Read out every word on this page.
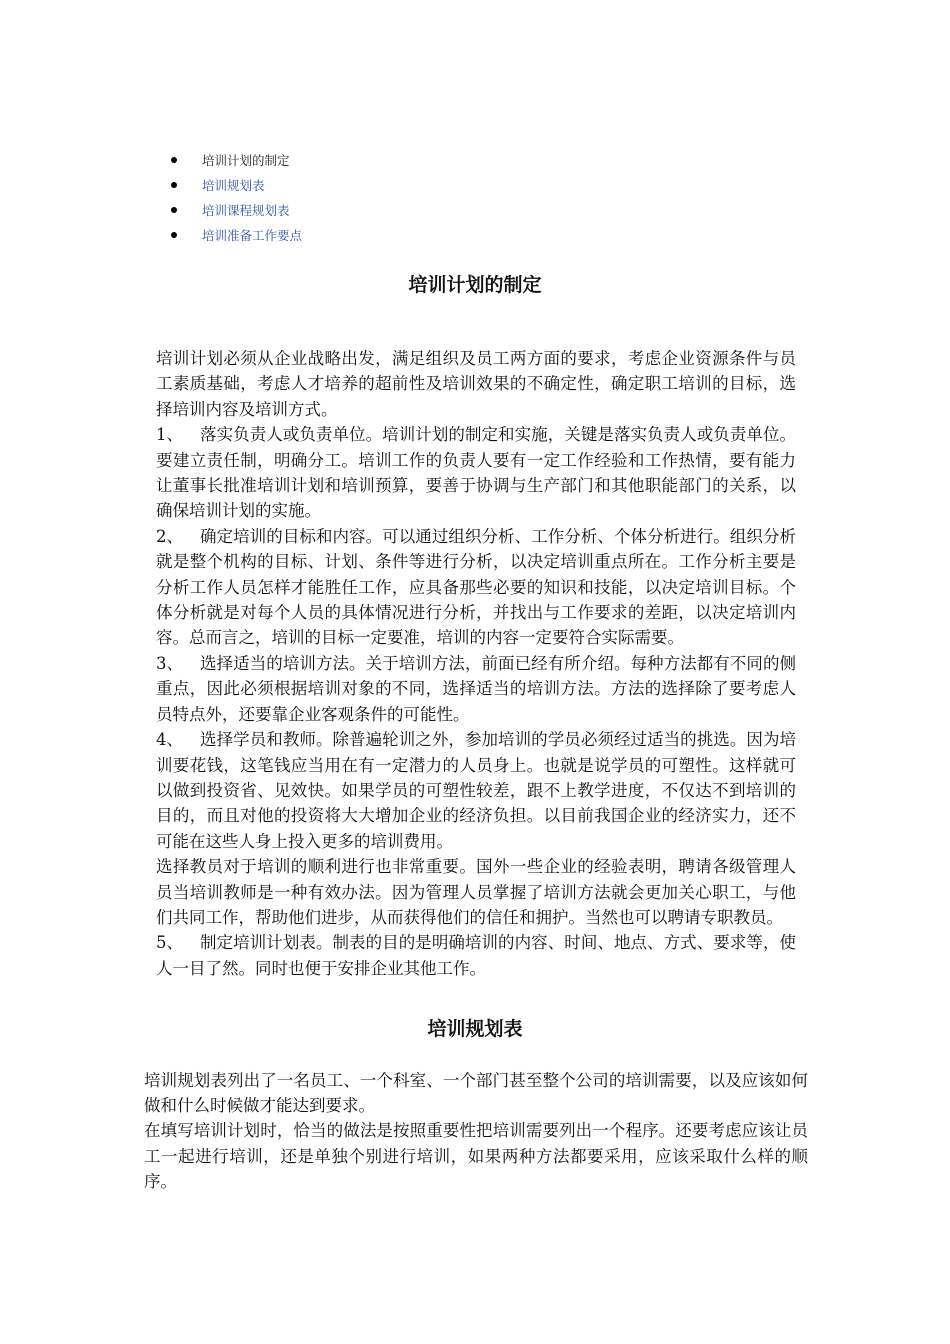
培训计划的制定
培训规划表
培训课程规划表
培训准备工作要点
培训计划的制定

培训计划必须从企业战略出发，满足组织及员工两方面的要求，考虑企业资源条件与员工素质基础，考虑人才培养的超前性及培训效果的不确定性，确定职工培训的目标，选择培训内容及培训方式。

1、 落实负责人或负责单位。培训计划的制定和实施，关键是落实负责人或负责单位。要建立责任制，明确分工。培训工作的负责人要有一定工作经验和工作热情，要有能力让董事长批准培训计划和培训预算，要善于协调与生产部门和其他职能部门的关系，以确保培训计划的实施。

2、 确定培训的目标和内容。可以通过组织分析、工作分析、个体分析进行。组织分析就是整个机构的目标、计划、条件等进行分析，以决定培训重点所在。工作分析主要是分析工作人员怎样才能胜任工作，应具备那些必要的知识和技能，以决定培训目标。个体分析就是对每个人员的具体情况进行分析，并找出与工作要求的差距，以决定培训内容。总而言之，培训的目标一定要准，培训的内容一定要符合实际需要。

3、 选择适当的培训方法。关于培训方法，前面已经有所介绍。每种方法都有不同的侧重点，因此必须根据培训对象的不同，选择适当的培训方法。方法的选择除了要考虑人员特点外，还要靠企业客观条件的可能性。

4、 选择学员和教师。除普遍轮训之外，参加培训的学员必须经过适当的挑选。因为培训要花钱，这笔钱应当用在有一定潜力的人员身上。也就是说学员的可塑性。这样就可以做到投资省、见效快。如果学员的可塑性较差，跟不上教学进度，不仅达不到培训的目的，而且对他的投资将大大增加企业的经济负担。以目前我国企业的经济实力，还不可能在这些人身上投入更多的培训费用。

选择教员对于培训的顺利进行也非常重要。国外一些企业的经验表明，聘请各级管理人员当培训教师是一种有效办法。因为管理人员掌握了培训方法就会更加关心职工，与他们共同工作，帮助他们进步，从而获得他们的信任和拥护。当然也可以聘请专职教员。

5、 制定培训计划表。制表的目的是明确培训的内容、时间、地点、方式、要求等，使人一目了然。同时也便于安排企业其他工作。

培训规划表

培训规划表列出了一名员工、一个科室、一个部门甚至整个公司的培训需要，以及应该如何做和什么时候做才能达到要求。

在填写培训计划时，恰当的做法是按照重要性把培训需要列出一个程序。还要考虑应该让员工一起进行培训，还是单独个别进行培训，如果两种方法都要采用，应该采取什么样的顺序。
